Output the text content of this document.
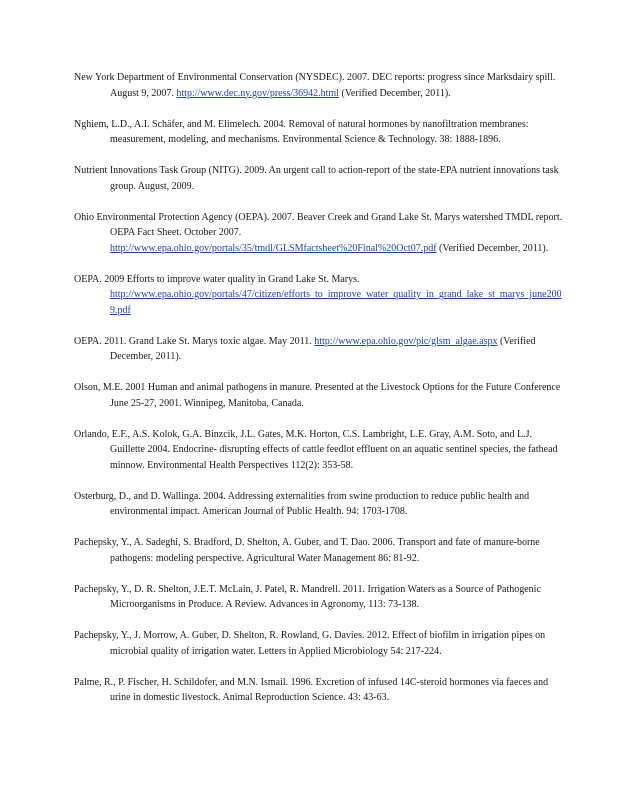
New York Department of Environmental Conservation (NYSDEC). 2007. DEC reports: progress since Marksdairy spill. August 9, 2007. http://www.dec.ny.gov/press/36942.html (Verified December, 2011).

Nghiem, L.D., A.I. Schäfer, and M. Elimelech. 2004. Removal of natural hormones by nanofiltration membranes: measurement, modeling, and mechanisms. Environmental Science & Technology. 38: 1888-1896.

Nutrient Innovations Task Group (NITG). 2009. An urgent call to action-report of the state-EPA nutrient innovations task group. August, 2009.

Ohio Environmental Protection Agency (OEPA). 2007. Beaver Creek and Grand Lake St. Marys watershed TMDL report. OEPA Fact Sheet. October 2007. http://www.epa.ohio.gov/portals/35/tmdl/GLSMfactsheet%20Final%20Oct07.pdf (Verified December, 2011).

OEPA. 2009 Efforts to improve water quality in Grand Lake St. Marys. http://www.epa.ohio.gov/portals/47/citizen/efforts_to_improve_water_quality_in_grand_lake_st_marys_june2009.pdf

OEPA. 2011. Grand Lake St. Marys toxic algae. May 2011. http://www.epa.ohio.gov/pic/glsm_algae.aspx (Verified December, 2011).

Olson, M.E. 2001 Human and animal pathogens in manure. Presented at the Livestock Options for the Future Conference June 25-27, 2001. Winnipeg, Manitoba, Canada.

Orlando, E.F., A.S. Kolok, G.A. Binzcik, J.L. Gates, M.K. Horton, C.S. Lambright, L.E. Gray, A.M. Soto, and L.J. Guillette 2004. Endocrine- disrupting effects of cattle feedlot effluent on an aquatic sentinel species, the fathead minnow. Environmental Health Perspectives 112(2): 353-58.

Osterburg, D., and D. Wallinga. 2004. Addressing externalities from swine production to reduce public health and environmental impact. American Journal of Public Health. 94: 1703-1708.

Pachepsky, Y., A. Sadeghi, S. Bradford, D. Shelton, A. Guber, and T. Dao. 2006. Transport and fate of manure-borne pathogens: modeling perspective. Agricultural Water Management 86: 81-92.

Pachepsky, Y., D. R. Shelton, J.E.T. McLain, J. Patel, R. Mandrell. 2011. Irrigation Waters as a Source of Pathogenic Microorganisms in Produce. A Review. Advances in Agronomy, 113: 73-138.

Pachepsky, Y., J. Morrow, A. Guber, D. Shelton, R. Rowland, G. Davies. 2012. Effect of biofilm in irrigation pipes on microbial quality of irrigation water. Letters in Applied Microbiology 54: 217-224.

Palme, R., P. Fischer, H. Schildofer, and M.N. Ismail. 1996. Excretion of infused 14C-steroid hormones via faeces and urine in domestic livestock. Animal Reproduction Science. 43: 43-63.
